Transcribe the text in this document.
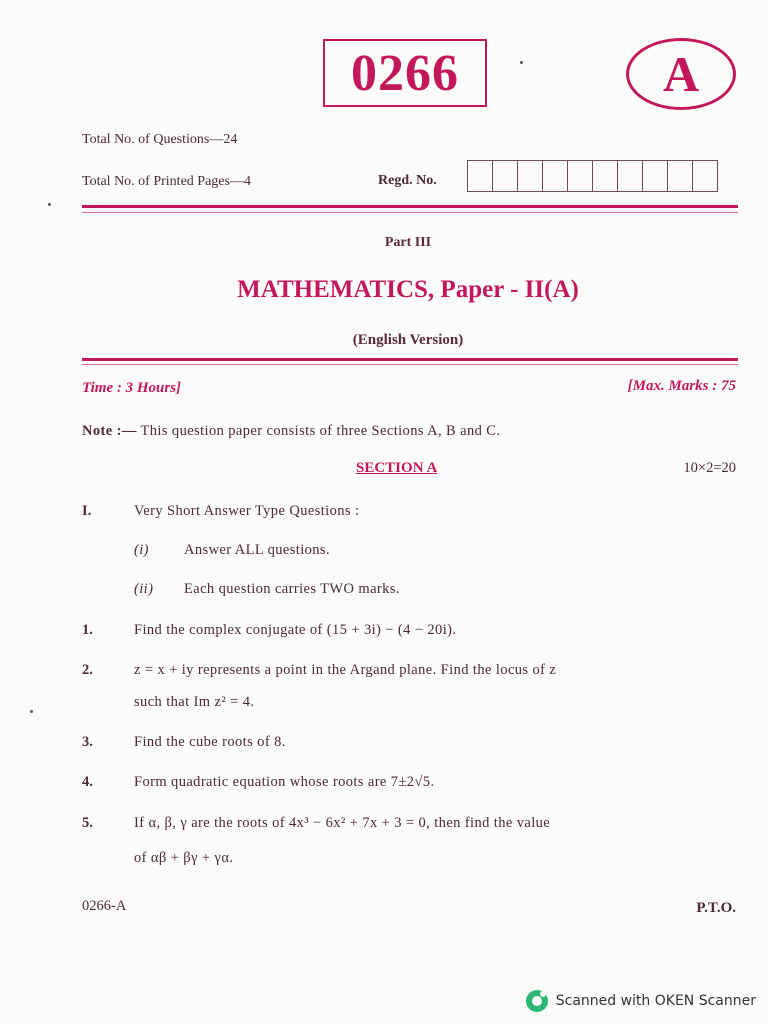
0266	A
Total No. of Questions—24
Total No. of Printed Pages—4	Regd. No.
Part III
MATHEMATICS, Paper - II(A)
(English Version)
Time : 3 Hours]	[Max. Marks : 75
Note :— This question paper consists of three Sections A, B and C.
SECTION A	10×2=20
I.	Very Short Answer Type Questions :
(i) Answer ALL questions.
(ii) Each question carries TWO marks.
1.	Find the complex conjugate of (15 + 3i) − (4 − 20i).
2.	z = x + iy represents a point in the Argand plane. Find the locus of z
such that Im z² = 4.
3.	Find the cube roots of 8.
4.	Form quadratic equation whose roots are 7±2√5.
5.	If α, β, γ are the roots of 4x³ − 6x² + 7x + 3 = 0, then find the value
of αβ + βγ + γα.
0266-A	P.T.O.
Scanned with OKEN Scanner
